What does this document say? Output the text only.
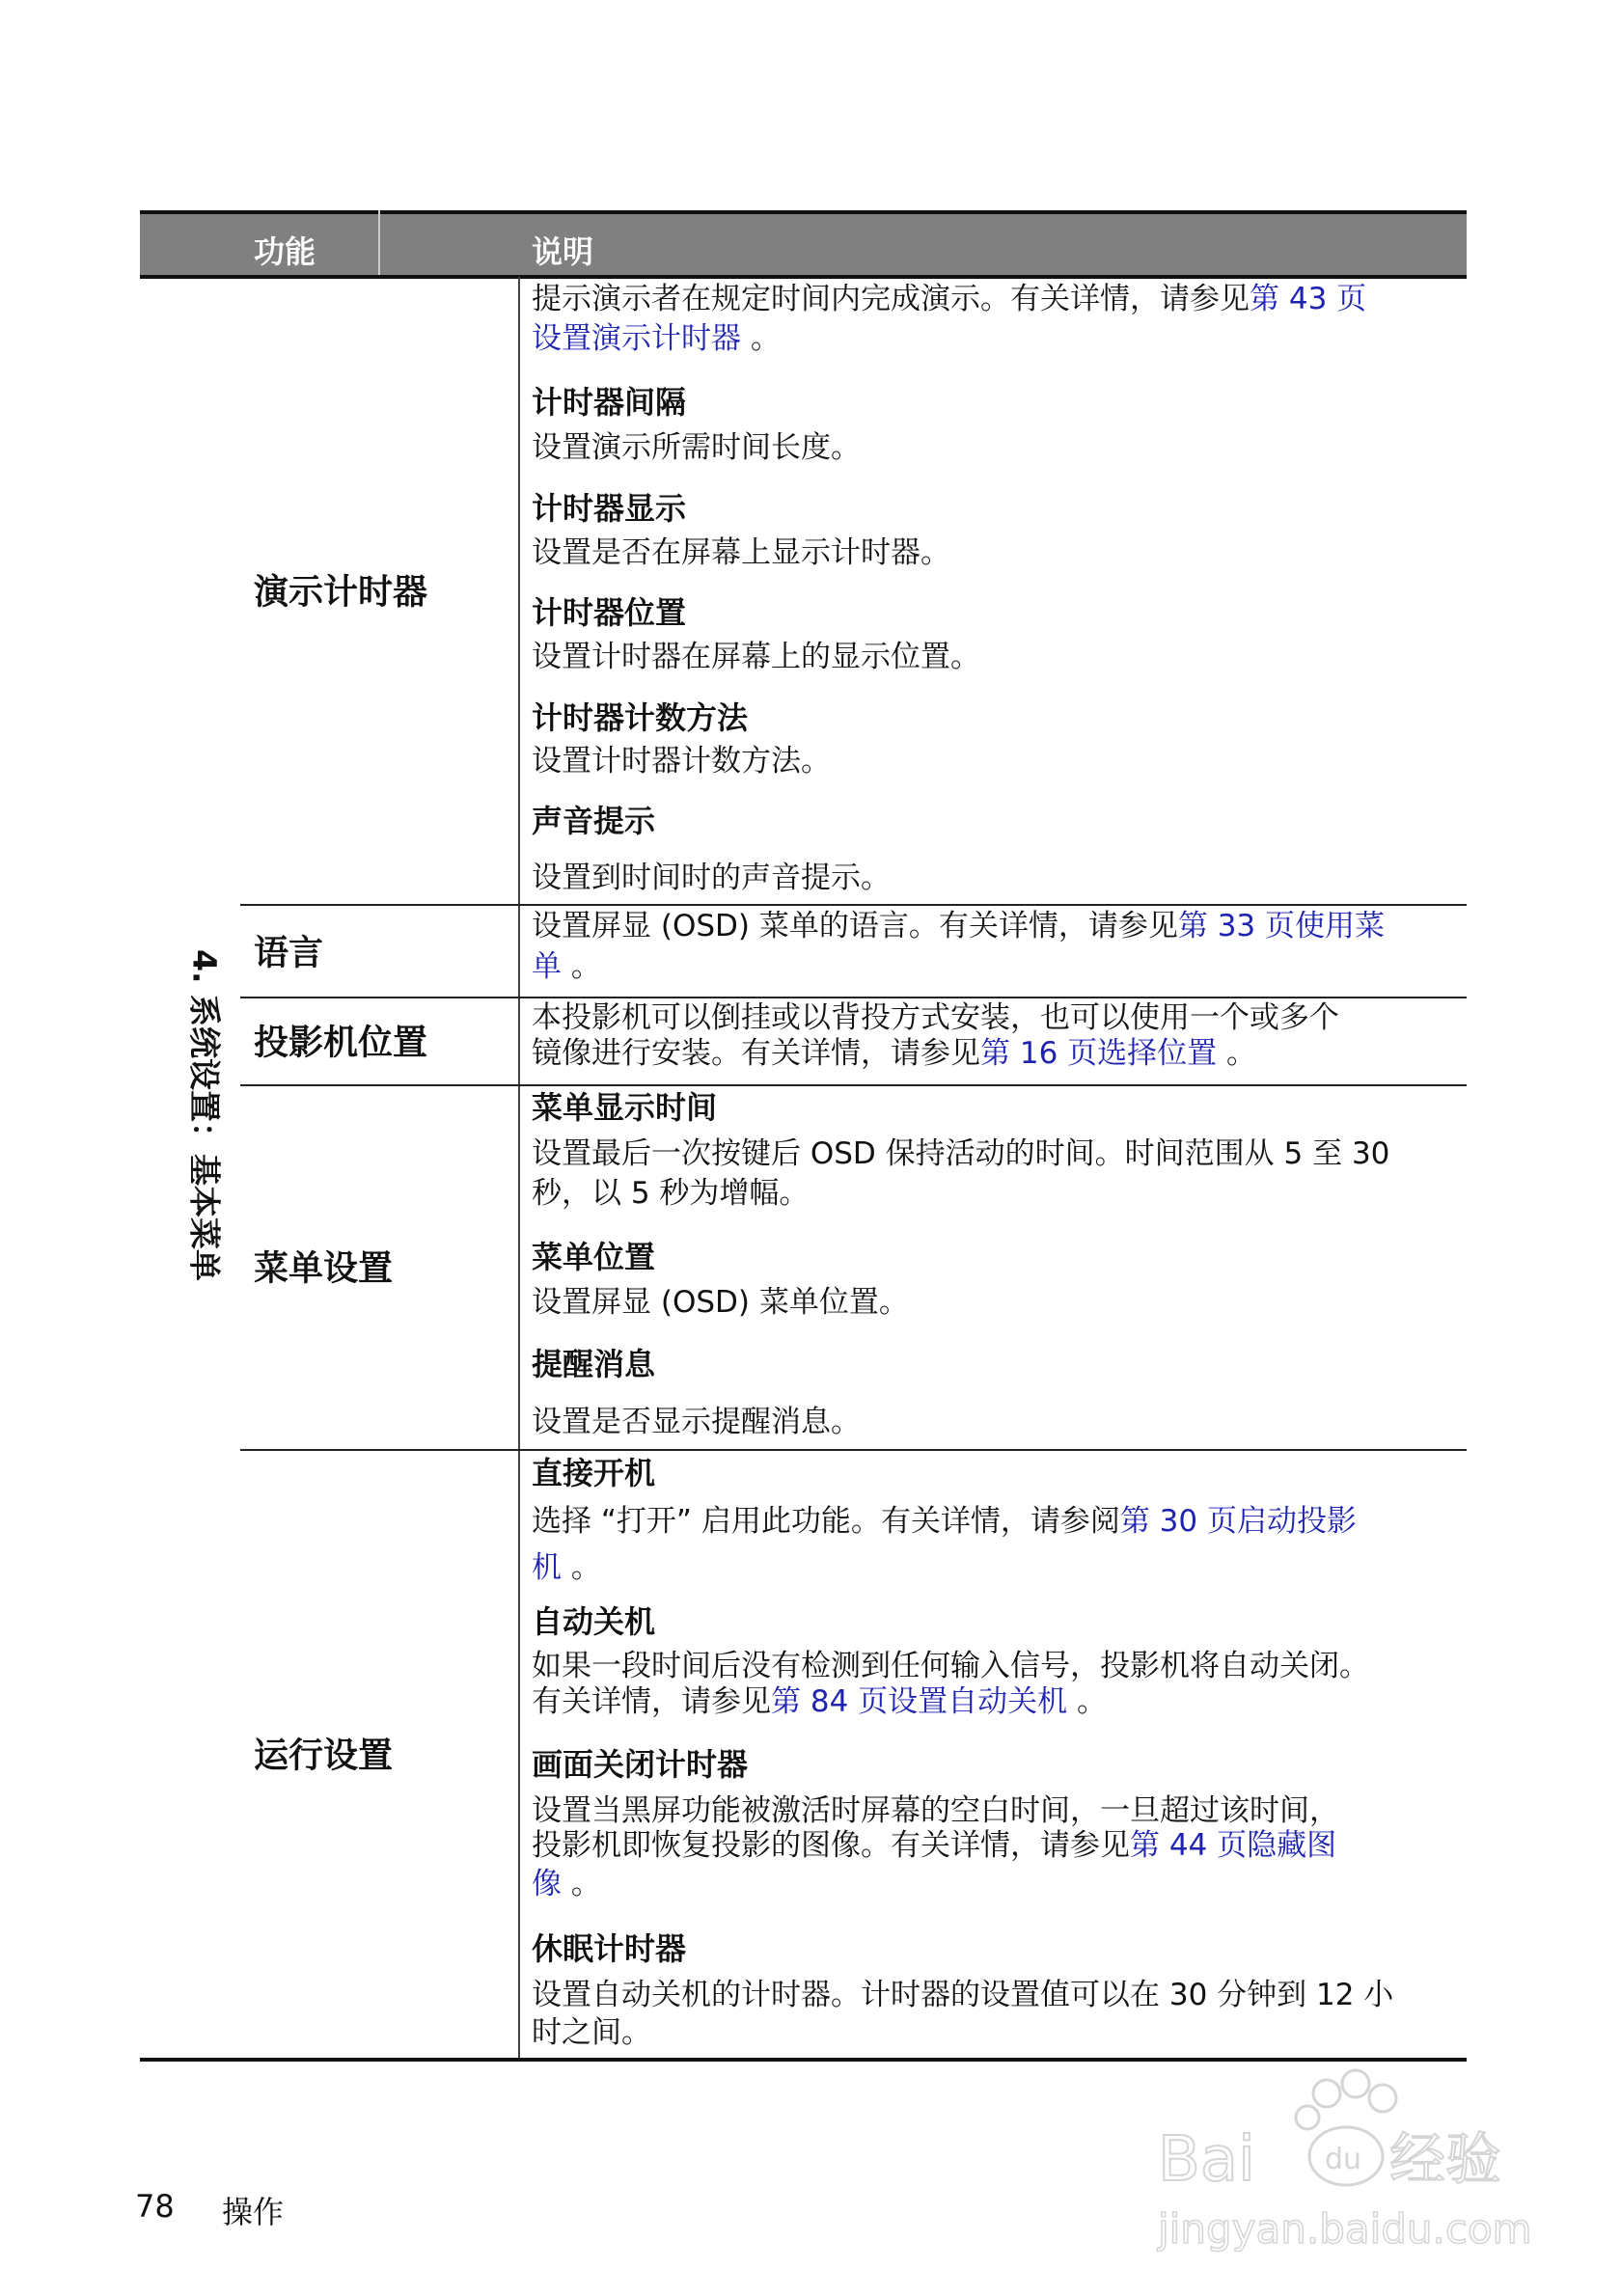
功能	说明
4. 系统设置：基本菜单
演示计时器
提示演示者在规定时间内完成演示。有关详情，请参见第 43 页
设置演示计时器 。
计时器间隔
设置演示所需时间长度。
计时器显示
设置是否在屏幕上显示计时器。
计时器位置
设置计时器在屏幕上的显示位置。
计时器计数方法
设置计时器计数方法。
声音提示
设置到时间时的声音提示。
语言
设置屏显 (OSD) 菜单的语言。有关详情，请参见第 33 页使用菜
单 。
投影机位置
本投影机可以倒挂或以背投方式安装，也可以使用一个或多个
镜像进行安装。有关详情，请参见第 16 页选择位置 。
菜单设置
菜单显示时间
设置最后一次按键后 OSD 保持活动的时间。时间范围从 5 至 30
秒，以 5 秒为增幅。
菜单位置
设置屏显 (OSD) 菜单位置。
提醒消息
设置是否显示提醒消息。
运行设置
直接开机
选择 “打开” 启用此功能。有关详情，请参阅第 30 页启动投影
机 。
自动关机
如果一段时间后没有检测到任何输入信号，投影机将自动关闭。
有关详情，请参见第 84 页设置自动关机 。
画面关闭计时器
设置当黑屏功能被激活时屏幕的空白时间，一旦超过该时间，
投影机即恢复投影的图像。有关详情，请参见第 44 页隐藏图
像 。
休眠计时器
设置自动关机的计时器。计时器的设置值可以在 30 分钟到 12 小
时之间。
78 操作
Bai du 经验
jingyan.baidu.com
